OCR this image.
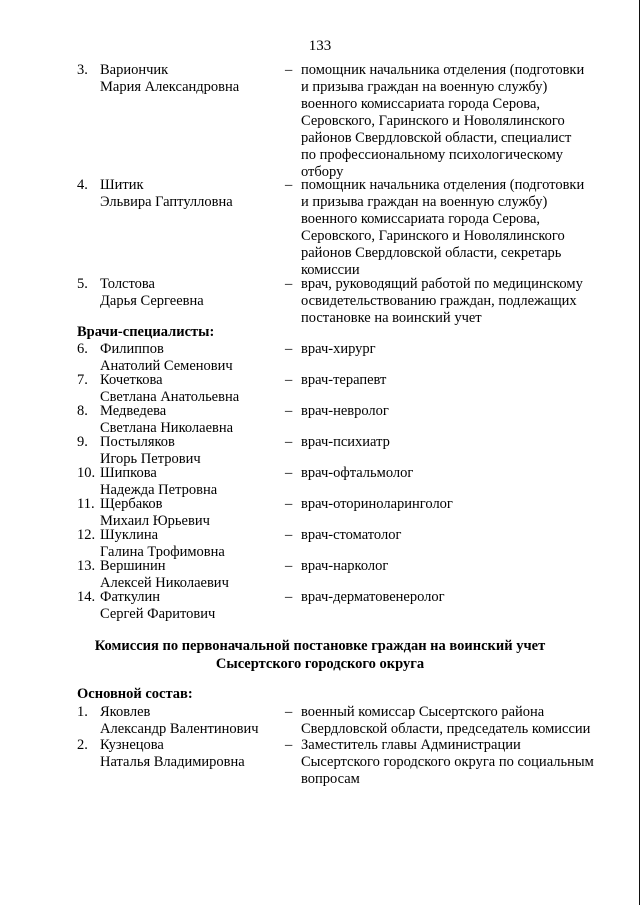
133
3. Вариончик
Мария Александровна
– помощник начальника отделения (подготовки
и призыва граждан на военную службу)
военного комиссариата города Серова,
Серовского, Гаринского и Новолялинского
районов Свердловской области, специалист
по профессиональному психологическому
отбору
4. Шитик
Эльвира Гаптулловна
– помощник начальника отделения (подготовки
и призыва граждан на военную службу)
военного комиссариата города Серова,
Серовского, Гаринского и Новолялинского
районов Свердловской области, секретарь
комиссии
5. Толстова
Дарья Сергеевна
– врач, руководящий работой по медицинскому
освидетельствованию граждан, подлежащих
постановке на воинский учет
Врачи-специалисты:
6. Филиппов
Анатолий Семенович
– врач-хирург
7. Кочеткова
Светлана Анатольевна
– врач-терапевт
8. Медведева
Светлана Николаевна
– врач-невролог
9. Постыляков
Игорь Петрович
– врач-психиатр
10. Шипкова
Надежда Петровна
– врач-офтальмолог
11. Щербаков
Михаил Юрьевич
– врач-оториноларинголог
12. Шуклина
Галина Трофимовна
– врач-стоматолог
13. Вершинин
Алексей Николаевич
– врач-нарколог
14. Фаткулин
Сергей Фаритович
– врач-дерматовенеролог
Комиссия по первоначальной постановке граждан на воинский учет
Сысертского городского округа
Основной состав:
1. Яковлев
Александр Валентинович
– военный комиссар Сысертского района
Свердловской области, председатель комиссии
2. Кузнецова
Наталья Владимировна
– Заместитель главы Администрации
Сысертского городского округа по социальным
вопросам
